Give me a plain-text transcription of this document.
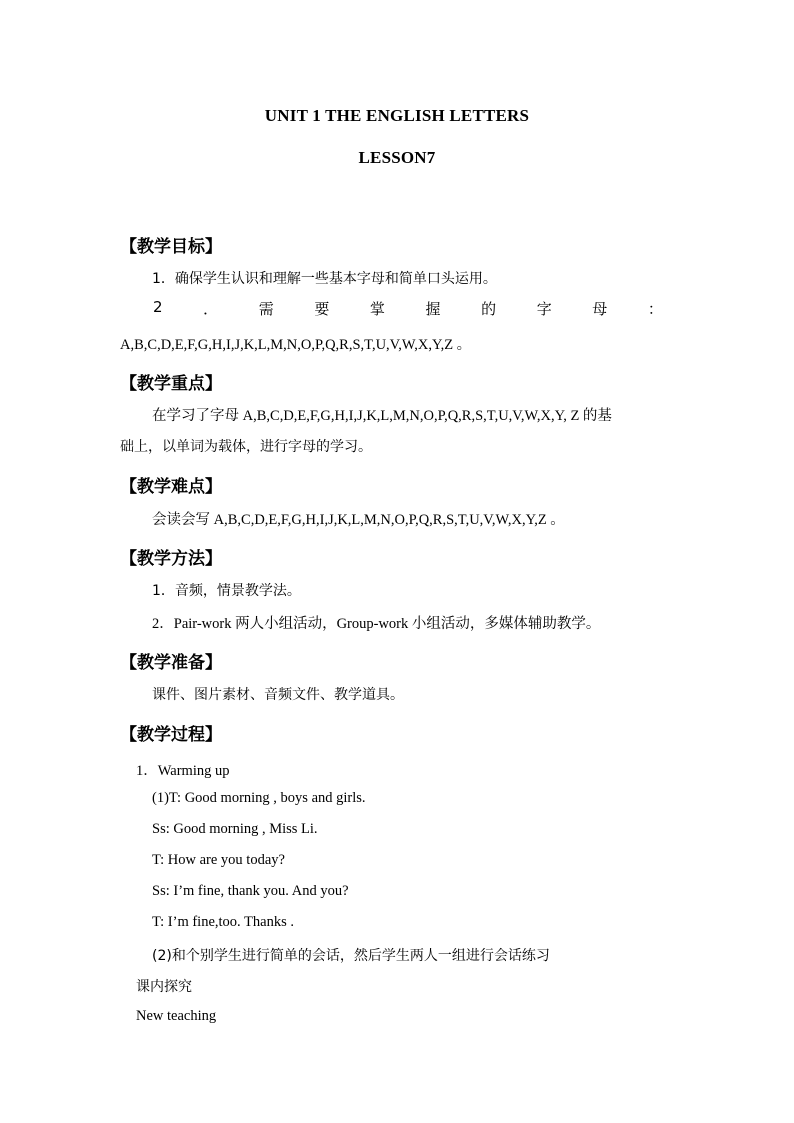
UNIT 1 THE ENGLISH LETTERS
LESSON7
【教学目标】
1．确保学生认识和理解一些基本字母和简单口头运用。
2	．	需	要	掌	握	的	字	母	：
A,B,C,D,E,F,G,H,I,J,K,L,M,N,O,P,Q,R,S,T,U,V,W,X,Y,Z 。
【教学重点】
在学习了字母 A,B,C,D,E,F,G,H,I,J,K,L,M,N,O,P,Q,R,S,T,U,V,W,X,Y, Z 的基
础上，以单词为载体，进行字母的学习。
【教学难点】
会读会写 A,B,C,D,E,F,G,H,I,J,K,L,M,N,O,P,Q,R,S,T,U,V,W,X,Y,Z 。
【教学方法】
1．音频，情景教学法。
2．Pair-work 两人小组活动，Group-work 小组活动，多媒体辅助教学。
【教学准备】
课件、图片素材、音频文件、教学道具。
【教学过程】
1．Warming up
(1)T: Good morning , boys and girls.
Ss: Good morning , Miss Li.
T: How are you today?
Ss: I’m fine, thank you. And you?
T: I’m fine,too. Thanks .
(2)和个别学生进行简单的会话，然后学生两人一组进行会话练习
课内探究
New teaching
